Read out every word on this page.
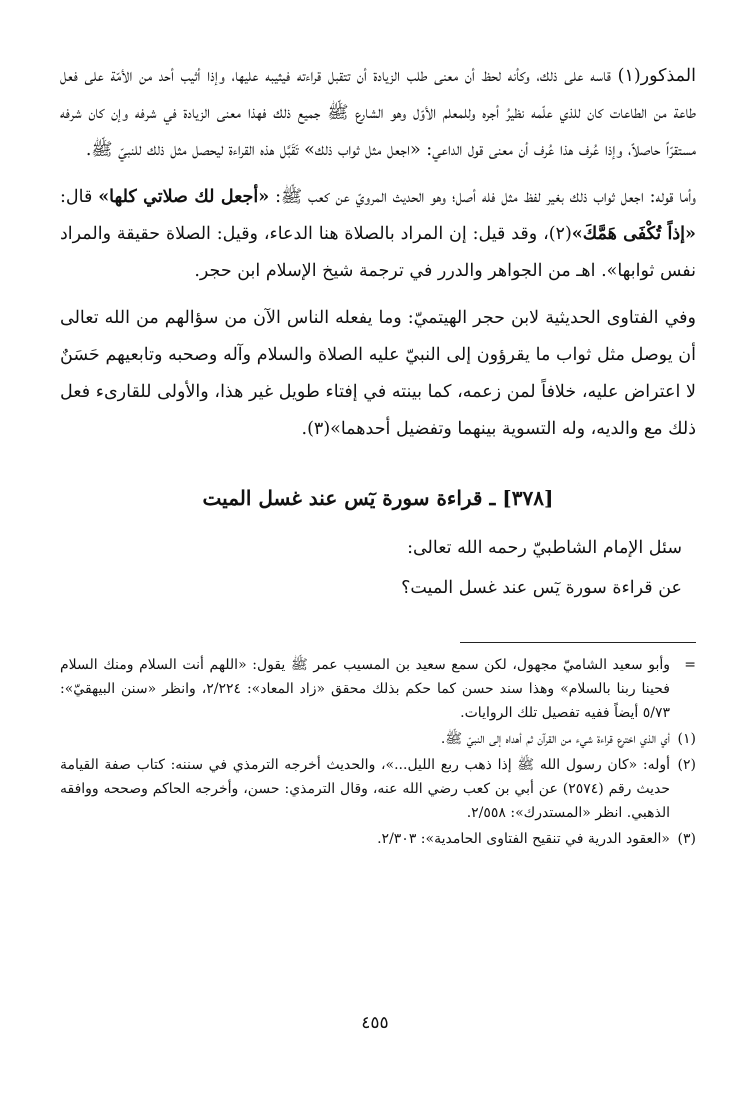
المذكور(١) قاسه على ذلك، وكأنه لحظ أن معنى طلب الزيادة أن تتقبل قراءته فيثيبه عليها، وإذا أثيب أحد من الأمّة على فعل طاعة من الطاعات كان للذي علّمه نظيرُ أجره وللمعلم الأوّل وهو الشارع ﷺ جميع ذلك فهذا معنى الزيادة في شرفه وإن كان شرفه مستقرّاً حاصلاً، وإذا عُرف هذا عُرف أن معنى قول الداعي: «اجعل مثل ثواب ذلك» تَقَبَّل هذه القراءة ليحصل مثل ذلك للنبيّ ﷺ.

وأما قوله: اجعل ثواب ذلك بغير لفظ مثل فله أصل؛ وهو الحديث المرويّ عن كعب ﷺ: «أجعل لك صلاتي كلها» قال: «إذاً تُكْفَى هَمَّكَ»(٢)، وقد قيل: إن المراد بالصلاة هنا الدعاء، وقيل: الصلاة حقيقة والمراد نفس ثوابها». اهـ من الجواهر والدرر في ترجمة شيخ الإسلام ابن حجر.

وفي الفتاوى الحديثية لابن حجر الهيتميّ: وما يفعله الناس الآن من سؤالهم من الله تعالى أن يوصل مثل ثواب ما يقرؤون إلى النبيّ عليه الصلاة والسلام وآله وصحبه وتابعيهم حَسَنٌ لا اعتراض عليه، خلافاً لمن زعمه، كما بينته في إفتاء طويل غير هذا، والأولى للقارىء فعل ذلك مع والديه، وله التسوية بينهما وتفضيل أحدهما»(٣).

[٣٧٨] ـ قراءة سورة يٓس عند غسل الميت
سئل الإمام الشاطبيّ رحمه الله تعالى:
عن قراءة سورة يٓس عند غسل الميت؟
=
وأبو سعيد الشاميّ مجهول، لكن سمع سعيد بن المسيب عمر ﷺ يقول: «اللهم أنت السلام ومنك السلام فحينا ربنا بالسلام» وهذا سند حسن كما حكم بذلك محقق «زاد المعاد»: ٢/٢٢٤، وانظر «سنن البيهقيّ»: ٥/٧٣ أيضاً ففيه تفصيل تلك الروايات.
(١)
أي الذي اخترع قراءة شيء من القرآن ثم أهداه إلى النبيّ ﷺ.
(٢)
أوله: «كان رسول الله ﷺ إذا ذهب ربع الليل...»، والحديث أخرجه الترمذي في سننه: كتاب صفة القيامة حديث رقم (٢٥٧٤) عن أبي بن كعب رضي الله عنه، وقال الترمذي: حسن، وأخرجه الحاكم وصححه ووافقه الذهبي. انظر «المستدرك»: ٢/٥٥٨.
(٣)
«العقود الدرية في تنقيح الفتاوى الحامدية»: ٢/٣٠٣.
٤٥٥
